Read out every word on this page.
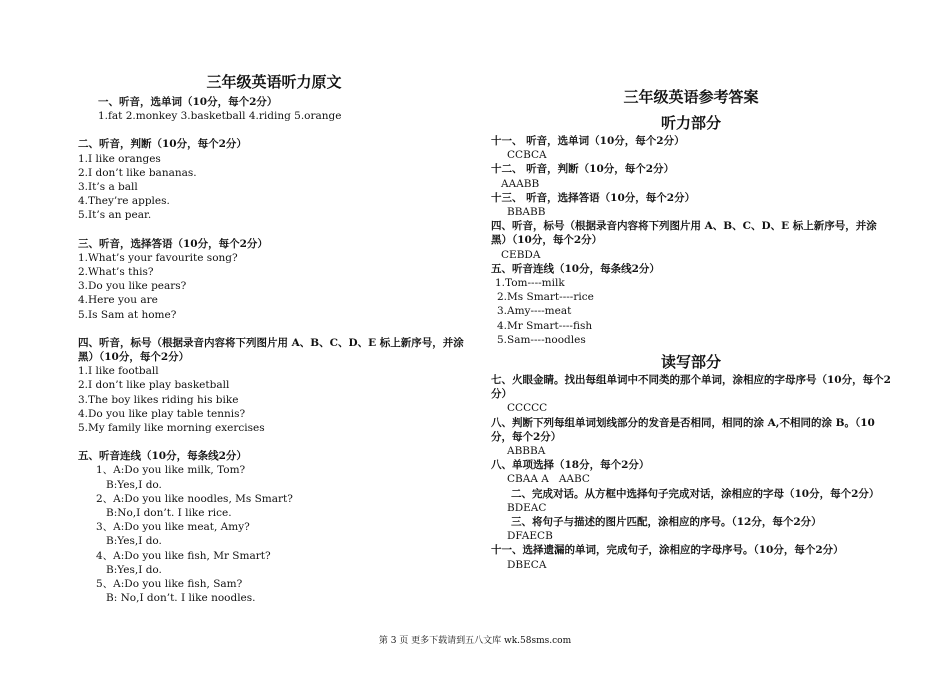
三年级英语听力原文
一、听音，选单词（10分，每个2分）
1.fat 2.monkey 3.basketball 4.riding 5.orange
二、听音，判断（10分，每个2分）
1.I like oranges
2.I don’t like bananas.
3.It’s a ball
4.They’re apples.
5.It’s an pear.
三、听音，选择答语（10分，每个2分）
1.What’s your favourite song?
2.What’s this?
3.Do you like pears?
4.Here you are
5.Is Sam at home?
四、听音，标号（根据录音内容将下列图片用 A、B、C、D、E 标上新序号，并涂黑）（10分，每个2分）
1.I like football
2.I don’t like play basketball
3.The boy likes riding his bike
4.Do you like play table tennis?
5.My family like morning exercises
五、听音连线（10分，每条线2分）
1、A:Do you like milk, Tom?
B:Yes,I do.
2、A:Do you like noodles, Ms Smart?
B:No,I don’t. I like rice.
3、A:Do you like meat, Amy?
B:Yes,I do.
4、A:Do you like fish, Mr Smart?
B:Yes,I do.
5、A:Do you like fish, Sam?
B: No,I don’t. I like noodles.
三年级英语参考答案
听力部分
十一、 听音，选单词（10分，每个2分）
CCBCA
十二、 听音，判断（10分，每个2分）
AAABB
十三、 听音，选择答语（10分，每个2分）
BBABB
四、听音，标号（根据录音内容将下列图片用 A、B、C、D、E 标上新序号，并涂黑）（10分，每个2分）
CEBDA
五、听音连线（10分，每条线2分）
1.Tom----milk
2.Ms Smart----rice
3.Amy----meat
4.Mr Smart----fish
5.Sam----noodles
读写部分
七、火眼金睛。找出每组单词中不同类的那个单词，涂相应的字母序号（10分，每个2分）
CCCCC
八、判断下列每组单词划线部分的发音是否相同，相同的涂 A,不相同的涂 B。（10分，每个2分）
ABBBA
八、单项选择（18分，每个2分）
CBAA A   AABC
二、完成对话。从方框中选择句子完成对话，涂相应的字母（10分，每个2分）
BDEAC
三、将句子与描述的图片匹配，涂相应的序号。（12分，每个2分）
DFAECB
十一、选择遗漏的单词，完成句子，涂相应的字母序号。（10分，每个2分）
DBECA
第 3 页 更多下载请到五八文库 wk.58sms.com
